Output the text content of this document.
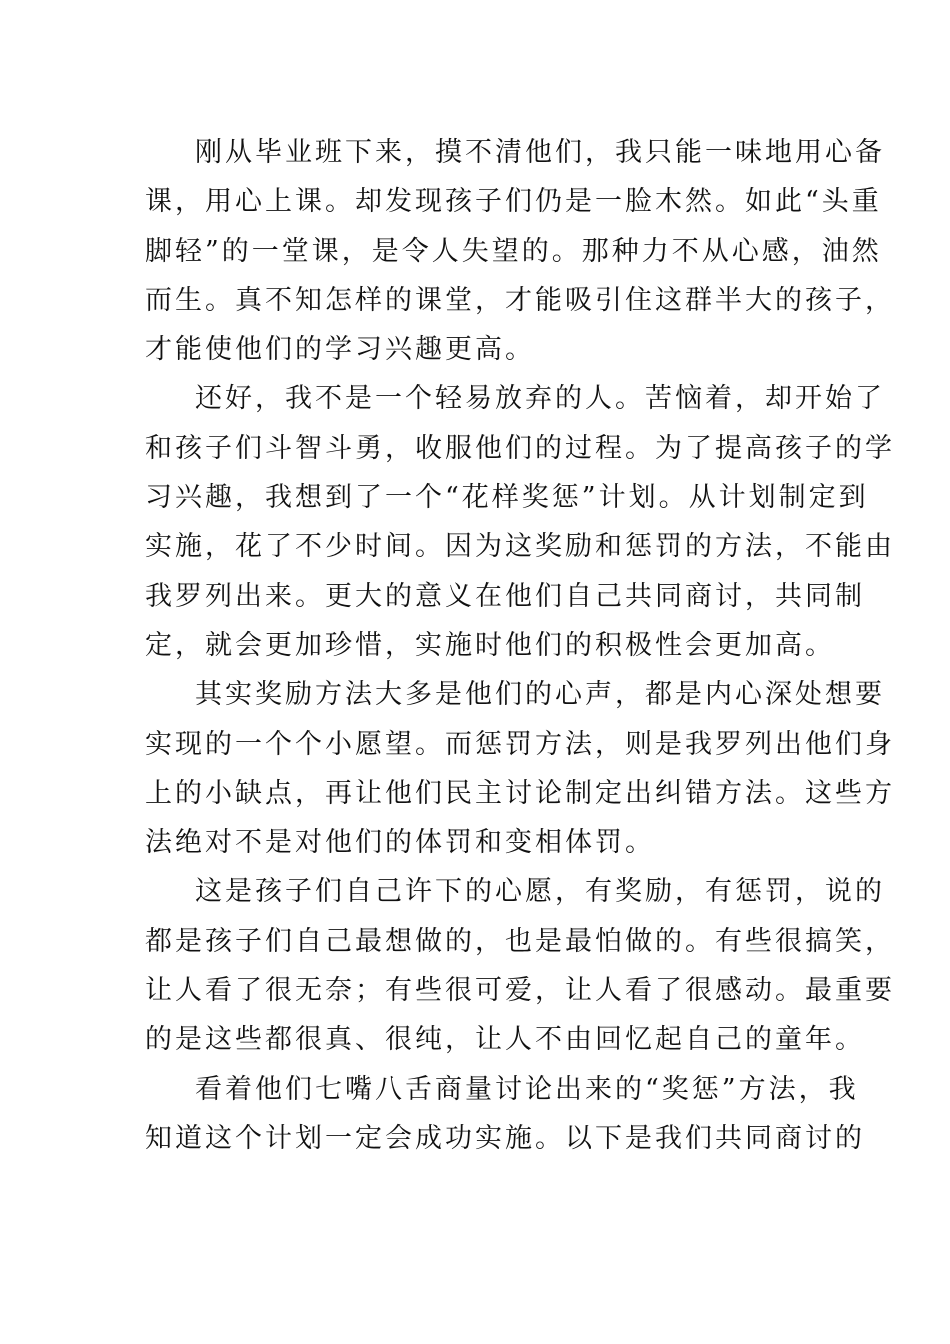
刚从毕业班下来，摸不清他们，我只能一味地用心备
课，用心上课。却发现孩子们仍是一脸木然。如此“头重
脚轻”的一堂课，是令人失望的。那种力不从心感，油然
而生。真不知怎样的课堂，才能吸引住这群半大的孩子，
才能使他们的学习兴趣更高。
还好，我不是一个轻易放弃的人。苦恼着，却开始了
和孩子们斗智斗勇，收服他们的过程。为了提高孩子的学
习兴趣，我想到了一个“花样奖惩”计划。从计划制定到
实施，花了不少时间。因为这奖励和惩罚的方法，不能由
我罗列出来。更大的意义在他们自己共同商讨，共同制
定，就会更加珍惜，实施时他们的积极性会更加高。
其实奖励方法大多是他们的心声，都是内心深处想要
实现的一个个小愿望。而惩罚方法，则是我罗列出他们身
上的小缺点，再让他们民主讨论制定出纠错方法。这些方
法绝对不是对他们的体罚和变相体罚。
这是孩子们自己许下的心愿，有奖励，有惩罚，说的
都是孩子们自己最想做的，也是最怕做的。有些很搞笑，
让人看了很无奈；有些很可爱，让人看了很感动。最重要
的是这些都很真、很纯，让人不由回忆起自己的童年。
看着他们七嘴八舌商量讨论出来的“奖惩”方法，我
知道这个计划一定会成功实施。以下是我们共同商讨的
